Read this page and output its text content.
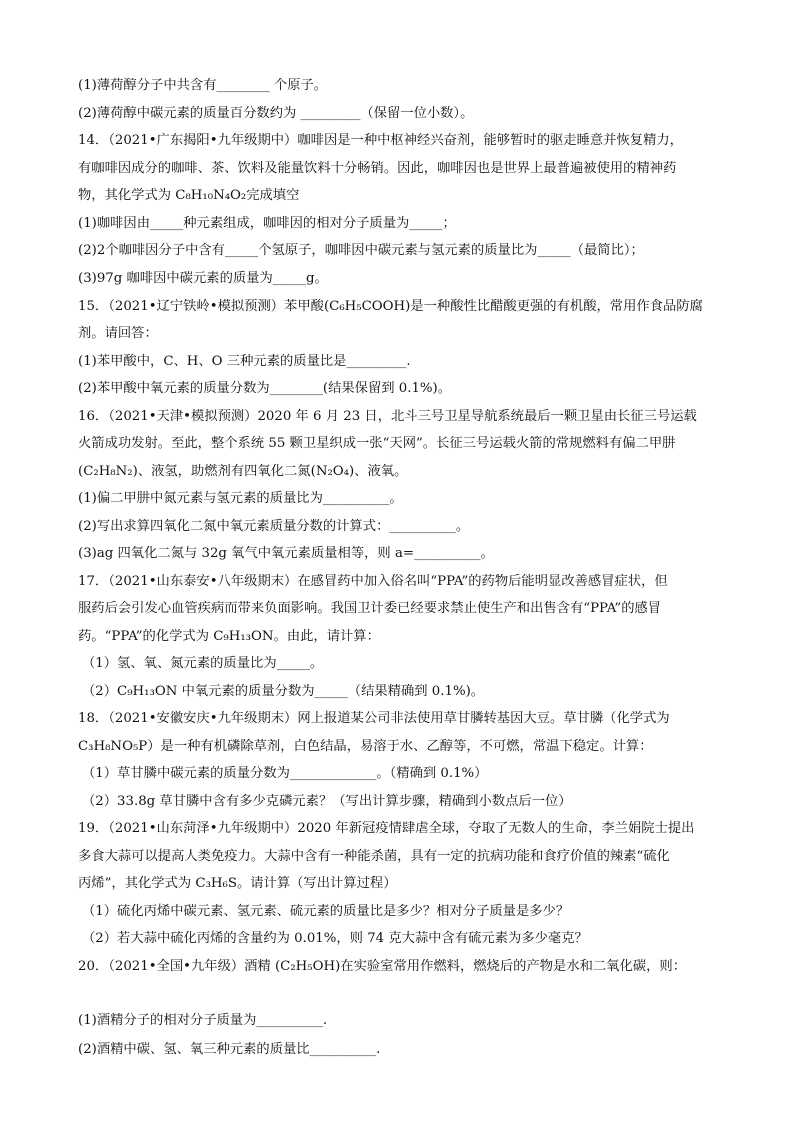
(1)薄荷醇分子中共含有________ 个原子。
(2)薄荷醇中碳元素的质量百分数约为 _________（保留一位小数）。
14．（2021•广东揭阳•九年级期中）咖啡因是一种中枢神经兴奋剂，能够暂时的驱走睡意并恢复精力，
有咖啡因成分的咖啡、茶、饮料及能量饮料十分畅销。因此，咖啡因也是世界上最普遍被使用的精神药
物，其化学式为 C₈H₁₀N₄O₂完成填空
(1)咖啡因由_____种元素组成，咖啡因的相对分子质量为_____；
(2)2个咖啡因分子中含有_____个氢原子，咖啡因中碳元素与氢元素的质量比为_____（最简比）；
(3)97g 咖啡因中碳元素的质量为_____g。
15．（2021•辽宁铁岭•模拟预测）苯甲酸(C₆H₅COOH)是一种酸性比醋酸更强的有机酸，常用作食品防腐
剂。请回答：
(1)苯甲酸中，C、H、O 三种元素的质量比是_________.
(2)苯甲酸中氧元素的质量分数为________(结果保留到 0.1%)。
16．（2021•天津•模拟预测）2020 年 6 月 23 日，北斗三号卫星导航系统最后一颗卫星由长征三号运载
火箭成功发射。至此，整个系统 55 颗卫星织成一张“天网”。长征三号运载火箭的常规燃料有偏二甲肼
(C₂H₈N₂)、液氢，助燃剂有四氧化二氮(N₂O₄)、液氧。
(1)偏二甲肼中氮元素与氢元素的质量比为__________。
(2)写出求算四氧化二氮中氧元素质量分数的计算式：__________。
(3)ag 四氧化二氮与 32g 氧气中氧元素质量相等，则 a=__________。
17．（2021•山东泰安•八年级期末）在感冒药中加入俗名叫“PPA”的药物后能明显改善感冒症状，但
服药后会引发心血管疾病而带来负面影响。我国卫计委已经要求禁止使生产和出售含有“PPA”的感冒
药。“PPA”的化学式为 C₉H₁₃ON。由此，请计算：
（1）氢、氧、氮元素的质量比为_____。
（2）C₉H₁₃ON 中氧元素的质量分数为_____（结果精确到 0.1%)。
18．（2021•安徽安庆•九年级期末）网上报道某公司非法使用草甘膦转基因大豆。草甘膦（化学式为
C₃H₈NO₅P）是一种有机磷除草剂，白色结晶，易溶于水、乙醇等，不可燃，常温下稳定。计算：
（1）草甘膦中碳元素的质量分数为_____________。（精确到 0.1%）
（2）33.8g 草甘膦中含有多少克磷元素？（写出计算步骤，精确到小数点后一位）
19．（2021•山东菏泽•九年级期中）2020 年新冠疫情肆虐全球，夺取了无数人的生命，李兰娟院士提出
多食大蒜可以提高人类免疫力。大蒜中含有一种能杀菌，具有一定的抗病功能和食疗价值的辣素“硫化
丙烯”，其化学式为 C₃H₆S。请计算（写出计算过程）
（1）硫化丙烯中碳元素、氢元素、硫元素的质量比是多少？相对分子质量是多少？
（2）若大蒜中硫化丙烯的含量约为 0.01%，则 74 克大蒜中含有硫元素为多少毫克？
20．（2021•全国•九年级）酒精 (C₂H₅OH)在实验室常用作燃料，燃烧后的产物是水和二氧化碳，则：
(1)酒精分子的相对分子质量为__________.
(2)酒精中碳、氢、氧三种元素的质量比__________.
